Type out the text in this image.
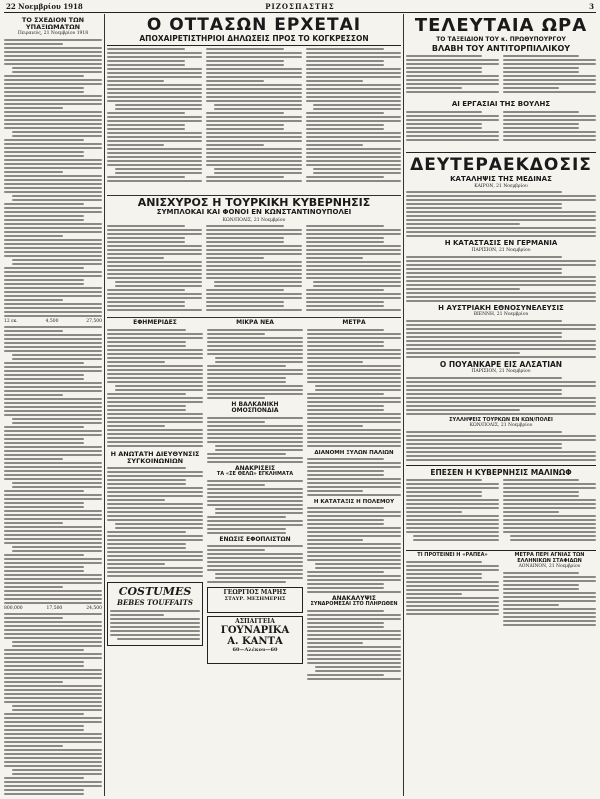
22 Νοεμβρίου 1918	ΡΙΖΟΣΠΑΣΤΗΣ	3
ΤΟ ΣΧΕΔΙΟΝ ΤΩΝ ΥΠΑΞΙΩΜΑΤΩΝ
Πειραιεύς, 21 Νοεμβρίου 1918
12 εκ.	4,500	27,500
800,000	17,500	24,500
Ο ΟΤΤΑΣΩΝ ΕΡΧΕΤΑΙ
ΑΠΟΧΑΙΡΕΤΙΣΤΗΡΙΟΙ ΔΗΛΩΣΕΙΣ ΠΡΟΣ ΤΟ ΚΟΓΚΡΕΣΣΟΝ
ΑΝΙΣΧΥΡΟΣ Η ΤΟΥΡΚΙΚΗ ΚΥΒΕΡΝΗΣΙΣ
ΣΥΜΠΛΟΚΑΙ ΚΑΙ ΦΟΝΟΙ ΕΝ ΚΩΝΣΤΑΝΤΙΝΟΥΠΟΛΕΙ
ΚΩΝ/ΠΟΛΙΣ, 21 Νοεμβρίου
ΕΦΗΜΕΡΙΔΕΣ
Η ΑΝΩΤΑΤΗ ΔΙΕΥΘΥΝΣΙΣ ΣΥΓΚΟΙΝΩΝΙΩΝ
COSTUMES
BEBES TOUFFAITS
ΜΙΚΡΑ ΝΕΑ
Η ΒΑΛΚΑΝΙΚΗ ΟΜΟΣΠΟΝΔΙΑ
ΑΝΑΚΡΙΣΕΙΣ
ΤΑ «ΣΕ ΘΕΛΩ» ΕΓΚΛΗΜΑΤΑ
ΕΝΩΣΙΣ ΕΦΟΠΛΙΣΤΩΝ
ΓΕΩΡΓΙΟΣ ΜΑΡΗΣ
ΣΤΑΥΡ. ΜΕΣΗΜΕΡΗΣ
ΑΣΠΑΓΓΕΙΑ
ΓΟΥΝΑΡΙΚΑ
Α. ΚΑΝΤΑ
60—Αλέκου—60
ΜΕΤΡΑ
ΔΙΑΝΟΜΗ ΞΥΛΩΝ ΠΑΛΙΩΝ
Η ΚΑΤΑΤΑΞΙΣ Η ΠΟΛΕΜΟΥ
ΑΝΑΚΑΛΥΨΙΣ
ΣΥΝΔΡΟΜΕΣΑΙ ΣΤΟ ΠΛΗΡΩΘΕΝ
ΤΕΛΕΥΤΑΙΑ ΩΡΑ
ΤΟ ΤΑΞΕΙΔΙΟΝ ΤΟΥ κ. ΠΡΩΘΥΠΟΥΡΓΟΥ
ΒΛΑΒΗ ΤΟΥ ΑΝΤΙΤΟΡΠΙΛΛΙΚΟΥ
ΑΙ ΕΡΓΑΣΙΑΙ ΤΗΣ ΒΟΥΛΗΣ
ΔΕΥΤΕΡΑΕΚΔΟΣΙΣ
ΚΑΤΑΛΗΨΙΣ ΤΗΣ ΜΕΔΙΝΑΣ
ΚΑΙΡΟΝ, 21 Νοεμβρίου
Η ΚΑΤΑΣΤΑΣΙΣ ΕΝ ΓΕΡΜΑΝΙΑ
ΠΑΡΙΣΙΟΝ, 21 Νοεμβρίου
Η ΑΥΣΤΡΙΑΚΗ ΕΘΝΟΣΥΝΕΛΕΥΣΙΣ
ΒΙΕΝΝΗ, 21 Νοεμβρίου
Ο ΠΟΥΑΝΚΑΡΕ ΕΙΣ ΑΛΣΑΤΙΑΝ
ΠΑΡΙΣΙΟΝ, 21 Νοεμβρίου
ΣΥΛΛΗΨΕΙΣ ΤΟΥΡΚΩΝ ΕΝ ΚΩΝ/ΠΟΛΕΙ
ΚΩΝ/ΠΟΛΙΣ, 21 Νοεμβρίου
ΕΠΕΣΕΝ Η ΚΥΒΕΡΝΗΣΙΣ ΜΑΛΙΝΩΦ
ΤΙ ΠΡΟΤΕΙΝΕΙ Η «ΡΑΠΕΑ»	ΜΕΤΡΑ ΠΕΡΙ ΑΓΝΙΑΣ ΤΩΝ ΕΛΛΗΝΙΚΩΝ ΣΤΑΦΙΔΩΝ
ΛΟΝΔΙΝΟΝ, 21 Νοεμβρίου
